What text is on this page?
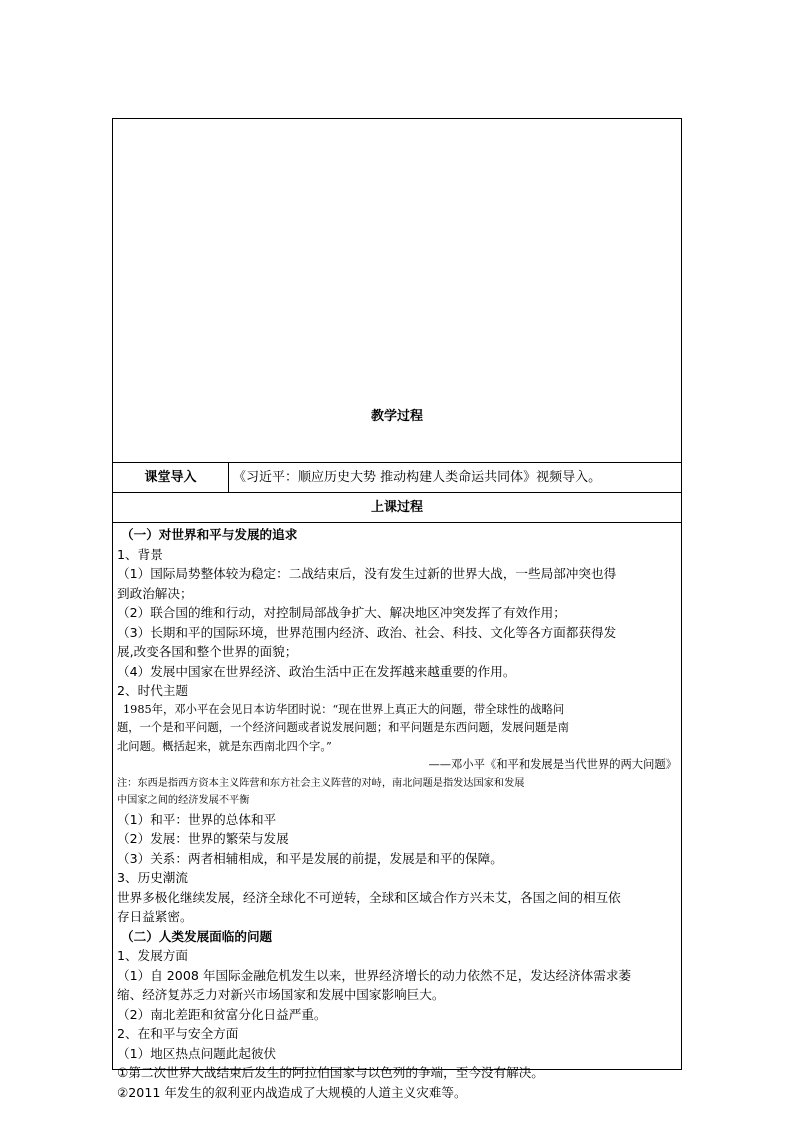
教学过程
课堂导入	《习近平：顺应历史大势 推动构建人类命运共同体》视频导入。
上课过程

（一）对世界和平与发展的追求

1、背景

（1）国际局势整体较为稳定：二战结束后，没有发生过新的世界大战，一些局部冲突也得

到政治解决；

（2）联合国的维和行动，对控制局部战争扩大、解决地区冲突发挥了有效作用；

（3）长期和平的国际环境，世界范围内经济、政治、社会、科技、文化等各方面都获得发

展,改变各国和整个世界的面貌；

（4）发展中国家在世界经济、政治生活中正在发挥越来越重要的作用。

2、时代主题

1985年，邓小平在会见日本访华团时说：“现在世界上真正大的问题，带全球性的战略问

题，一个是和平问题，一个经济问题或者说发展问题；和平问题是东西问题，发展问题是南

北问题。概括起来，就是东西南北四个字。”

——邓小平《和平和发展是当代世界的两大问题》

注：东西是指西方资本主义阵营和东方社会主义阵营的对峙，南北问题是指发达国家和发展

中国家之间的经济发展不平衡

（1）和平：世界的总体和平

（2）发展：世界的繁荣与发展

（3）关系：两者相辅相成，和平是发展的前提，发展是和平的保障。

3、历史潮流

世界多极化继续发展，经济全球化不可逆转，全球和区域合作方兴未艾，各国之间的相互依

存日益紧密。

（二）人类发展面临的问题

1、发展方面

（1）自 2008 年国际金融危机发生以来，世界经济增长的动力依然不足，发达经济体需求萎

缩、经济复苏乏力对新兴市场国家和发展中国家影响巨大。

（2）南北差距和贫富分化日益严重。

2、在和平与安全方面

（1）地区热点问题此起彼伏

①第二次世界大战结束后发生的阿拉伯国家与以色列的争端，至今没有解决。

②2011 年发生的叙利亚内战造成了大规模的人道主义灾难等。
